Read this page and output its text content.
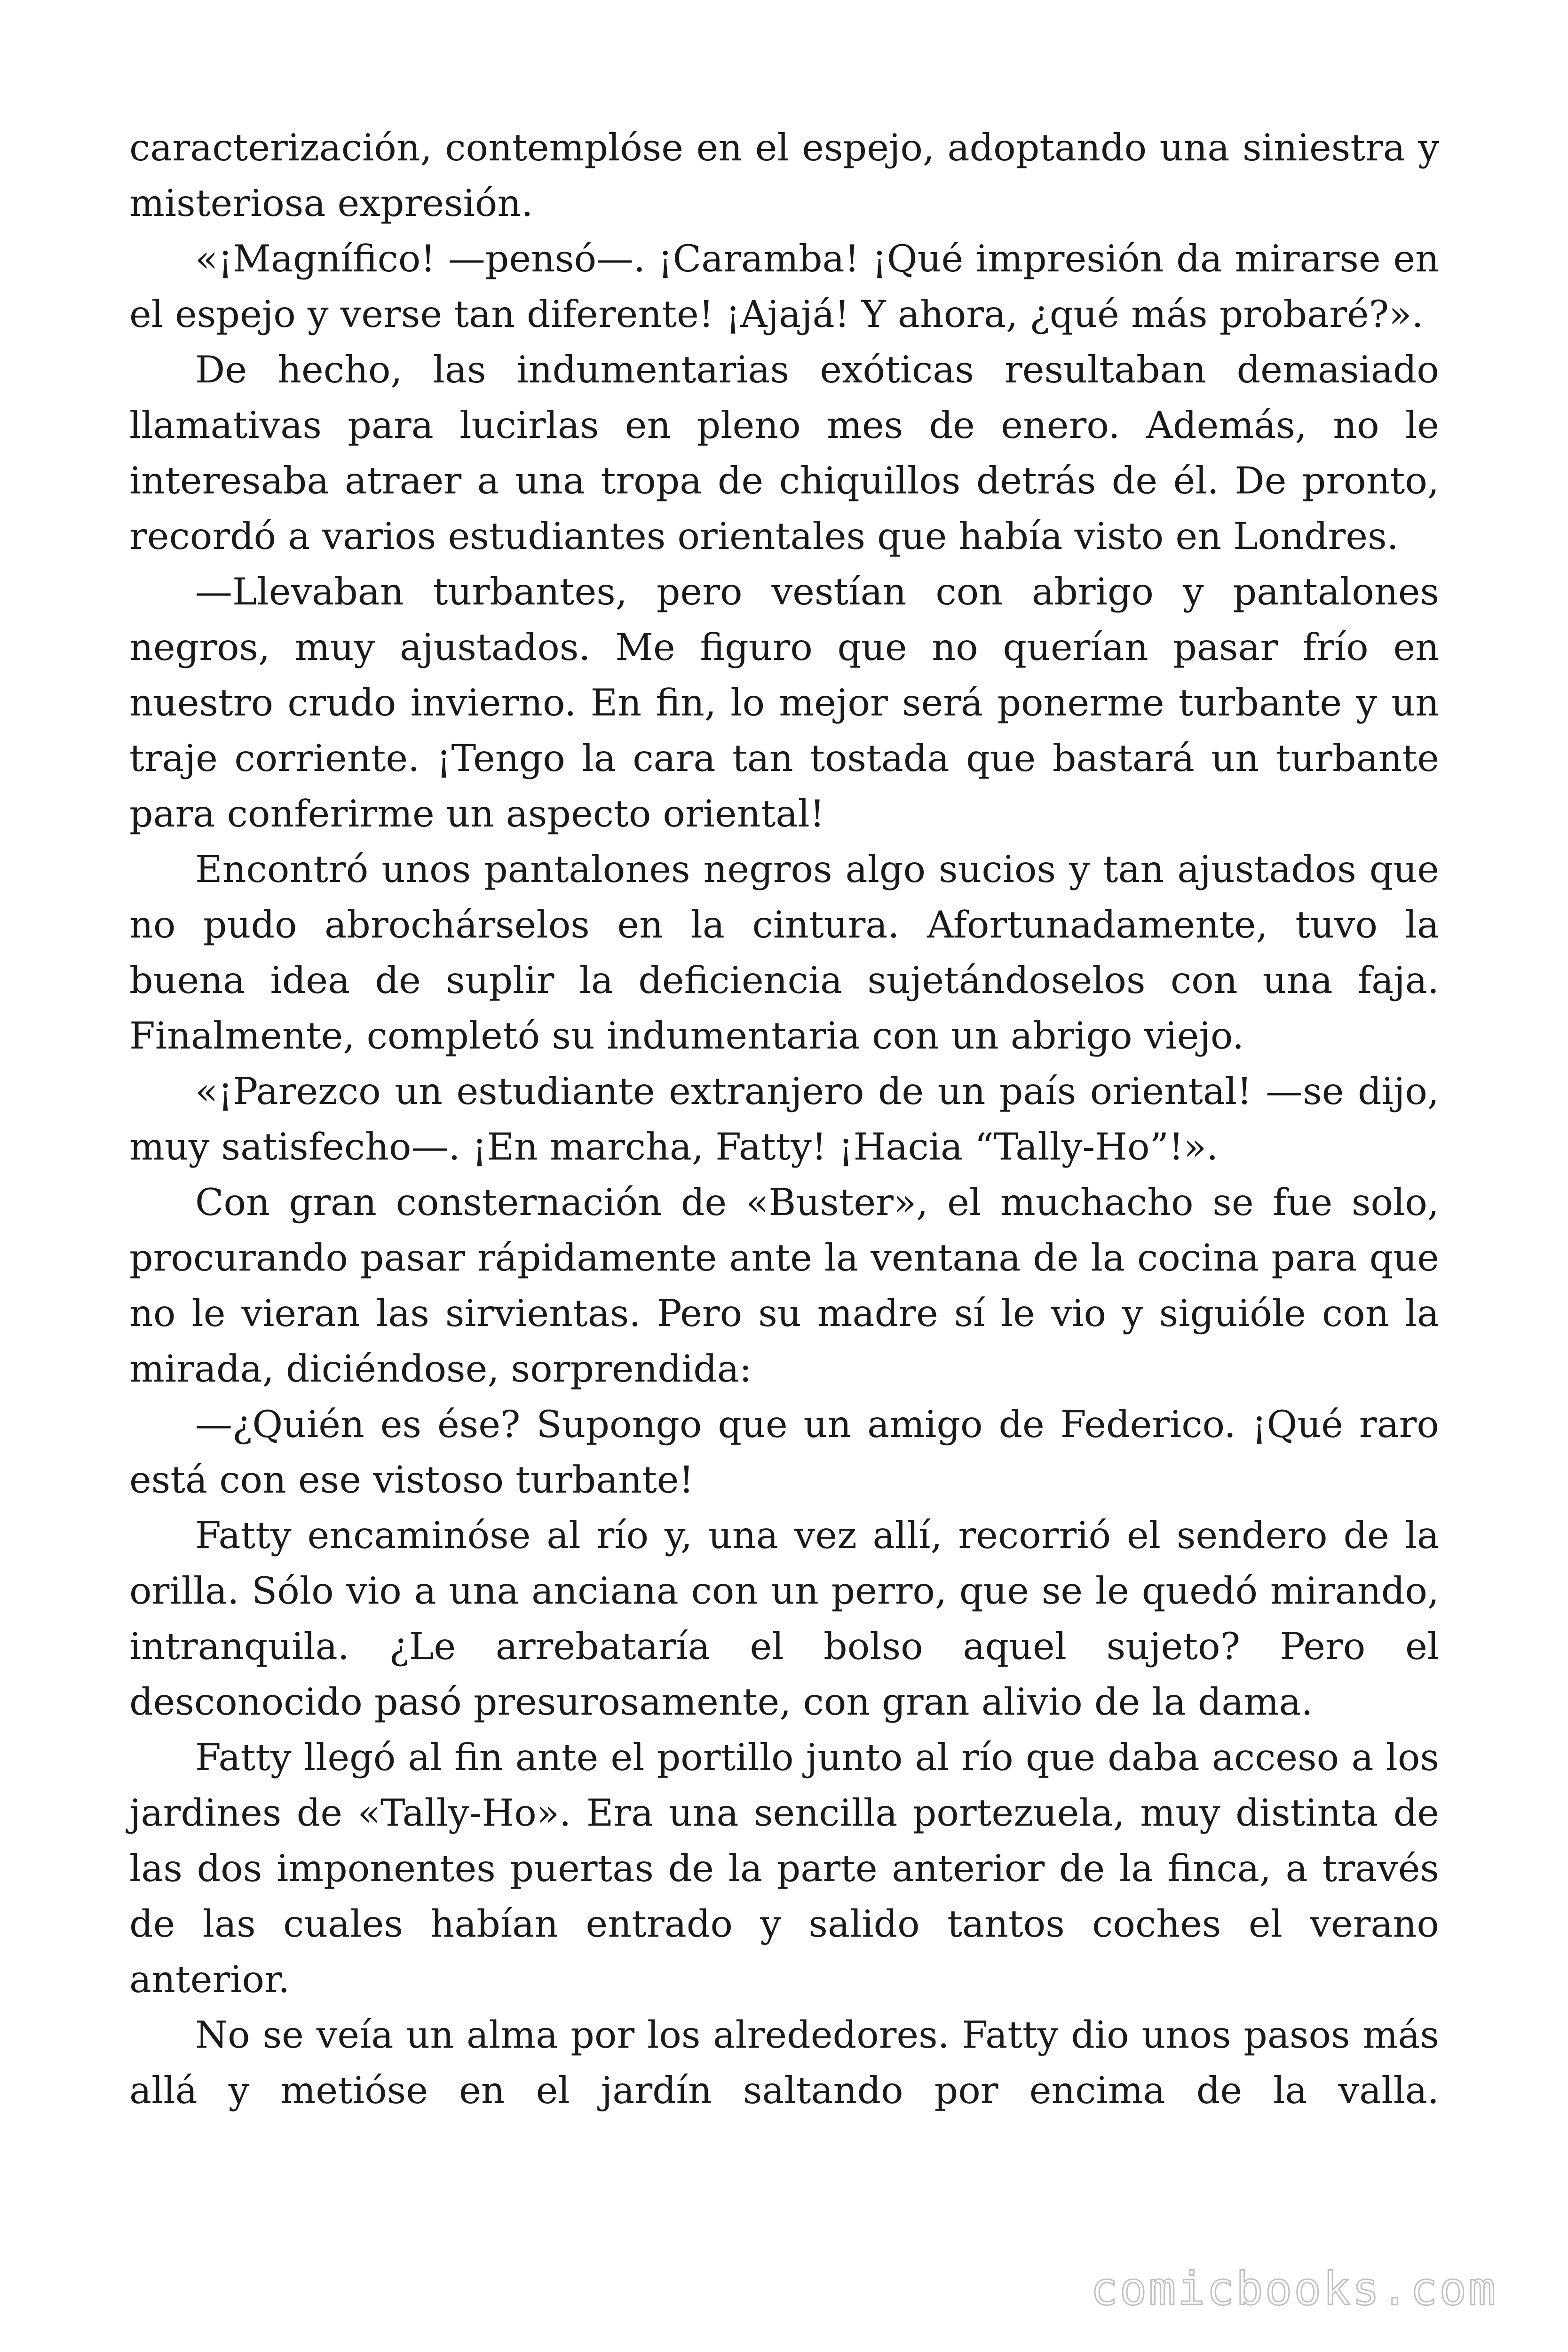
caracterización, contemplóse en el espejo, adoptando una siniestra y misteriosa expresión.

«¡Magnífico! —pensó—. ¡Caramba! ¡Qué impresión da mirarse en el espejo y verse tan diferente! ¡Ajajá! Y ahora, ¿qué más probaré?».

De hecho, las indumentarias exóticas resultaban demasiado llamativas para lucirlas en pleno mes de enero. Además, no le interesaba atraer a una tropa de chiquillos detrás de él. De pronto, recordó a varios estudiantes orientales que había visto en Londres.

—Llevaban turbantes, pero vestían con abrigo y pantalones negros, muy ajustados. Me figuro que no querían pasar frío en nuestro crudo invierno. En fin, lo mejor será ponerme turbante y un traje corriente. ¡Tengo la cara tan tostada que bastará un turbante para conferirme un aspecto oriental!

Encontró unos pantalones negros algo sucios y tan ajustados que no pudo abrochárselos en la cintura. Afortunadamente, tuvo la buena idea de suplir la deficiencia sujetándoselos con una faja. Finalmente, completó su indumentaria con un abrigo viejo.

«¡Parezco un estudiante extranjero de un país oriental! —se dijo, muy satisfecho—. ¡En marcha, Fatty! ¡Hacia “Tally-Ho”!».

Con gran consternación de «Buster», el muchacho se fue solo, procurando pasar rápidamente ante la ventana de la cocina para que no le vieran las sirvientas. Pero su madre sí le vio y siguióle con la mirada, diciéndose, sorprendida:

—¿Quién es ése? Supongo que un amigo de Federico. ¡Qué raro está con ese vistoso turbante!

Fatty encaminóse al río y, una vez allí, recorrió el sendero de la orilla. Sólo vio a una anciana con un perro, que se le quedó mirando, intranquila. ¿Le arrebataría el bolso aquel sujeto? Pero el desconocido pasó presurosamente, con gran alivio de la dama.

Fatty llegó al fin ante el portillo junto al río que daba acceso a los jardines de «Tally-Ho». Era una sencilla portezuela, muy distinta de las dos imponentes puertas de la parte anterior de la finca, a través de las cuales habían entrado y salido tantos coches el verano anterior.

No se veía un alma por los alrededores. Fatty dio unos pasos más allá y metióse en el jardín saltando por encima de la valla.

comicbooks.com
